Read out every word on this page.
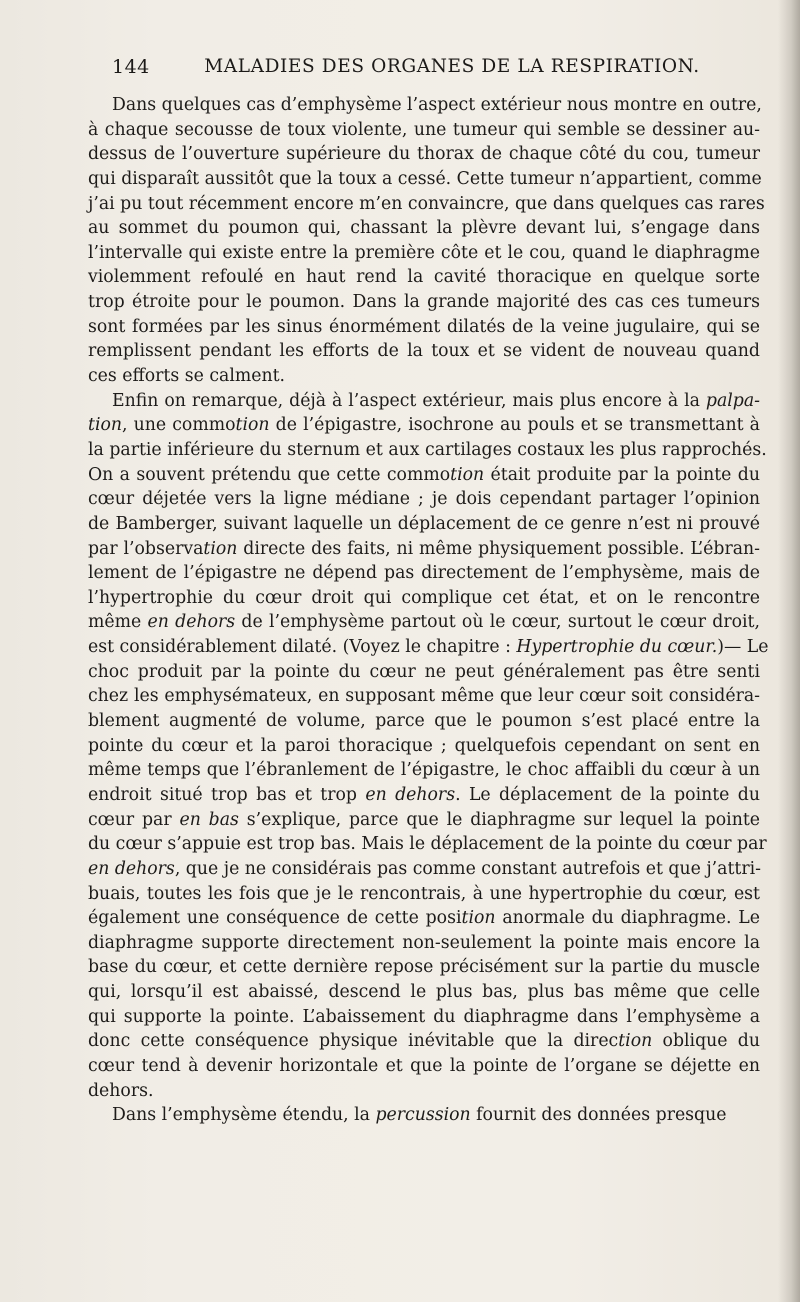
144	MALADIES DES ORGANES DE LA RESPIRATION.
Dans quelques cas d’emphysème l’aspect extérieur nous montre en outre,
à chaque secousse de toux violente, une tumeur qui semble se dessiner au-
dessus de l’ouverture supérieure du thorax de chaque côté du cou, tumeur
qui disparaît aussitôt que la toux a cessé. Cette tumeur n’appartient, comme
j’ai pu tout récemment encore m’en convaincre, que dans quelques cas rares
au sommet du poumon qui, chassant la plèvre devant lui, s’engage dans
l’intervalle qui existe entre la première côte et le cou, quand le diaphragme
violemment refoulé en haut rend la cavité thoracique en quelque sorte
trop étroite pour le poumon. Dans la grande majorité des cas ces tumeurs
sont formées par les sinus énormément dilatés de la veine jugulaire, qui se
remplissent pendant les efforts de la toux et se vident de nouveau quand
ces efforts se calment.
Enfin on remarque, déjà à l’aspect extérieur, mais plus encore à la palpa-
tion, une commotion de l’épigastre, isochrone au pouls et se transmettant à
la partie inférieure du sternum et aux cartilages costaux les plus rapprochés.
On a souvent prétendu que cette commotion était produite par la pointe du
cœur déjetée vers la ligne médiane ; je dois cependant partager l’opinion
de Bamberger, suivant laquelle un déplacement de ce genre n’est ni prouvé
par l’observation directe des faits, ni même physiquement possible. L’ébran-
lement de l’épigastre ne dépend pas directement de l’emphysème, mais de
l’hypertrophie du cœur droit qui complique cet état, et on le rencontre
même en dehors de l’emphysème partout où le cœur, surtout le cœur droit,
est considérablement dilaté. (Voyez le chapitre : Hypertrophie du cœur.)— Le
choc produit par la pointe du cœur ne peut généralement pas être senti
chez les emphysémateux, en supposant même que leur cœur soit considéra-
blement augmenté de volume, parce que le poumon s’est placé entre la
pointe du cœur et la paroi thoracique ; quelquefois cependant on sent en
même temps que l’ébranlement de l’épigastre, le choc affaibli du cœur à un
endroit situé trop bas et trop en dehors. Le déplacement de la pointe du
cœur par en bas s’explique, parce que le diaphragme sur lequel la pointe
du cœur s’appuie est trop bas. Mais le déplacement de la pointe du cœur par
en dehors, que je ne considérais pas comme constant autrefois et que j’attri-
buais, toutes les fois que je le rencontrais, à une hypertrophie du cœur, est
également une conséquence de cette position anormale du diaphragme. Le
diaphragme supporte directement non-seulement la pointe mais encore la
base du cœur, et cette dernière repose précisément sur la partie du muscle
qui, lorsqu’il est abaissé, descend le plus bas, plus bas même que celle
qui supporte la pointe. L’abaissement du diaphragme dans l’emphysème a
donc cette conséquence physique inévitable que la direction oblique du
cœur tend à devenir horizontale et que la pointe de l’organe se déjette en
dehors.
Dans l’emphysème étendu, la percussion fournit des données presque
